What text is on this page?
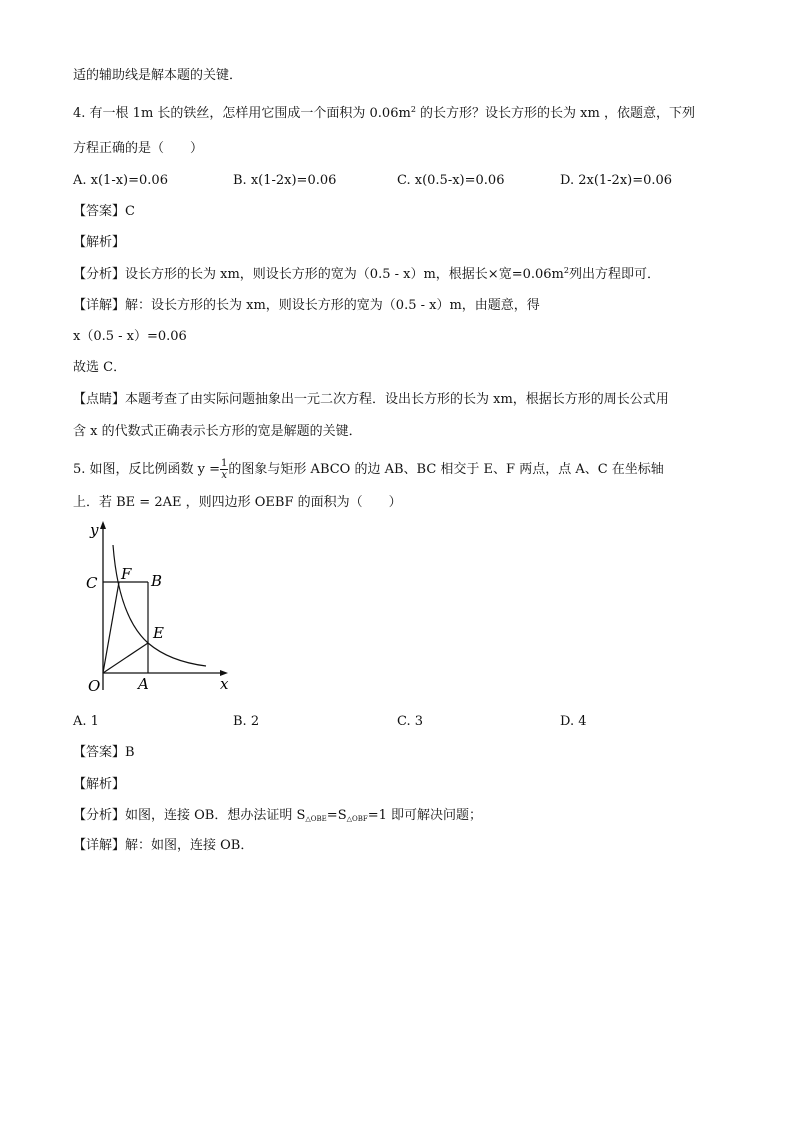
适的辅助线是解本题的关键．
4. 有一根 1m 长的铁丝，怎样用它围成一个面积为 $0.06m^2$ 的长方形？设长方形的长为 xm ，依题意，下列
方程正确的是（　　）
A. x(1-x)=0.06	B. x(1-2x)=0.06	C. x(0.5-x)=0.06	D. 2x(1-2x)=0.06
【答案】C
【解析】
【分析】设长方形的长为 xm，则设长方形的宽为（0.5 - x）m，根据长×宽$=0.06m^2$列出方程即可．
【详解】解：设长方形的长为 xm，则设长方形的宽为（0.5 - x）m，由题意，得
x（0.5 - x）=0.06
故选 C．
【点睛】本题考查了由实际问题抽象出一元二次方程．设出长方形的长为 xm，根据长方形的周长公式用
含 x 的代数式正确表示长方形的宽是解题的关键．
5. 如图，反比例函数 $y = \frac{1}{x}$ 的图象与矩形 ABCO 的边 AB、BC 相交于 E、F 两点，点 A、C 在坐标轴
上．若 BE = 2AE ，则四边形 OEBF 的面积为（　　）
y
x
O	A
B
C
E
F
A. 1	B. 2	C. 3	D. 4
【答案】B
【解析】
【分析】如图，连接 OB．想办法证明 $S_{\triangle OBE}=S_{\triangle OBF}=1$ 即可解决问题；
【详解】解：如图，连接 OB．
